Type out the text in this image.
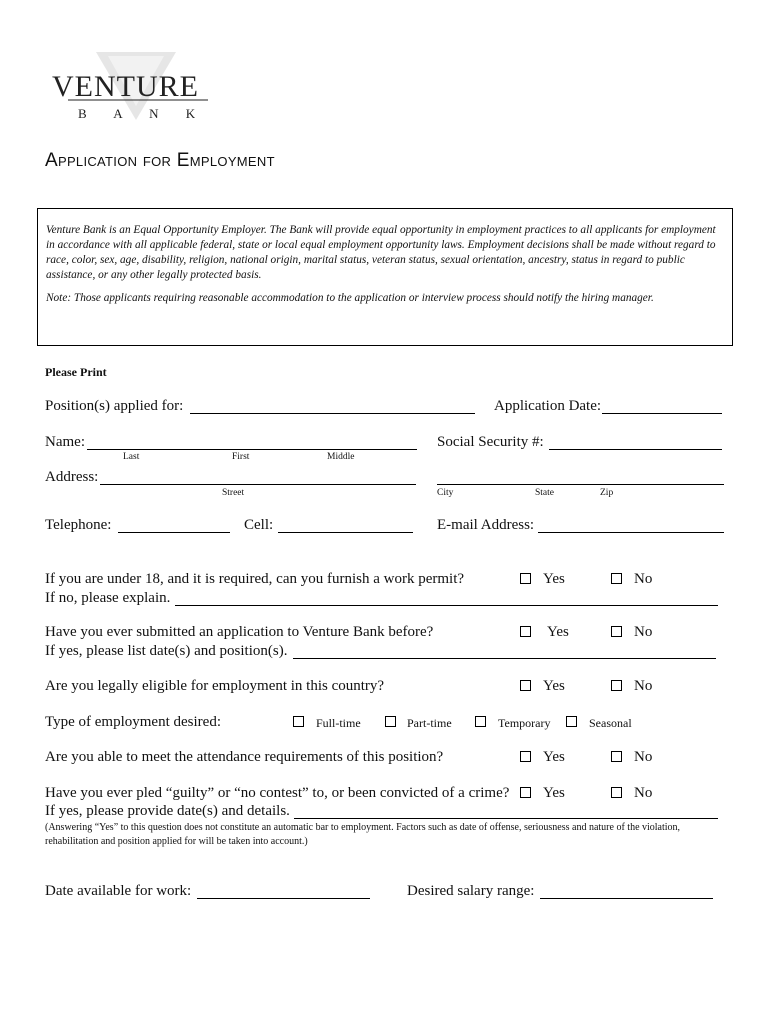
VENTURE
B A N K
Application for Employment

Venture Bank is an Equal Opportunity Employer. The Bank will provide equal opportunity in employment practices to all applicants for employment in accordance with all applicable federal, state or local equal employment opportunity laws. Employment decisions shall be made without regard to race, color, sex, age, disability, religion, national origin, marital status, veteran status, sexual orientation, ancestry, status in regard to public assistance, or any other legally protected basis.

Note: Those applicants requiring reasonable accommodation to the application or interview process should notify the hiring manager.

Please Print
Position(s) applied for:	Application Date:
Name:	Social Security #:
Last	First	Middle
Address:
Street	City	State	Zip
Telephone:	Cell:	E-mail Address:
If you are under 18, and it is required, can you furnish a work permit?	Yes	No
If no, please explain.
Have you ever submitted an application to Venture Bank before?	Yes	No
If yes, please list date(s) and position(s).
Are you legally eligible for employment in this country?	Yes	No
Type of employment desired:	Full-time	Part-time	Temporary	Seasonal
Are you able to meet the attendance requirements of this position?	Yes	No
Have you ever pled “guilty” or “no contest” to, or been convicted of a crime? Yes	No
If yes, please provide date(s) and details.
(Answering “Yes” to this question does not constitute an automatic bar to employment. Factors such as date of offense, seriousness and nature of the violation, rehabilitation and position applied for will be taken into account.)
Date available for work:	Desired salary range:
